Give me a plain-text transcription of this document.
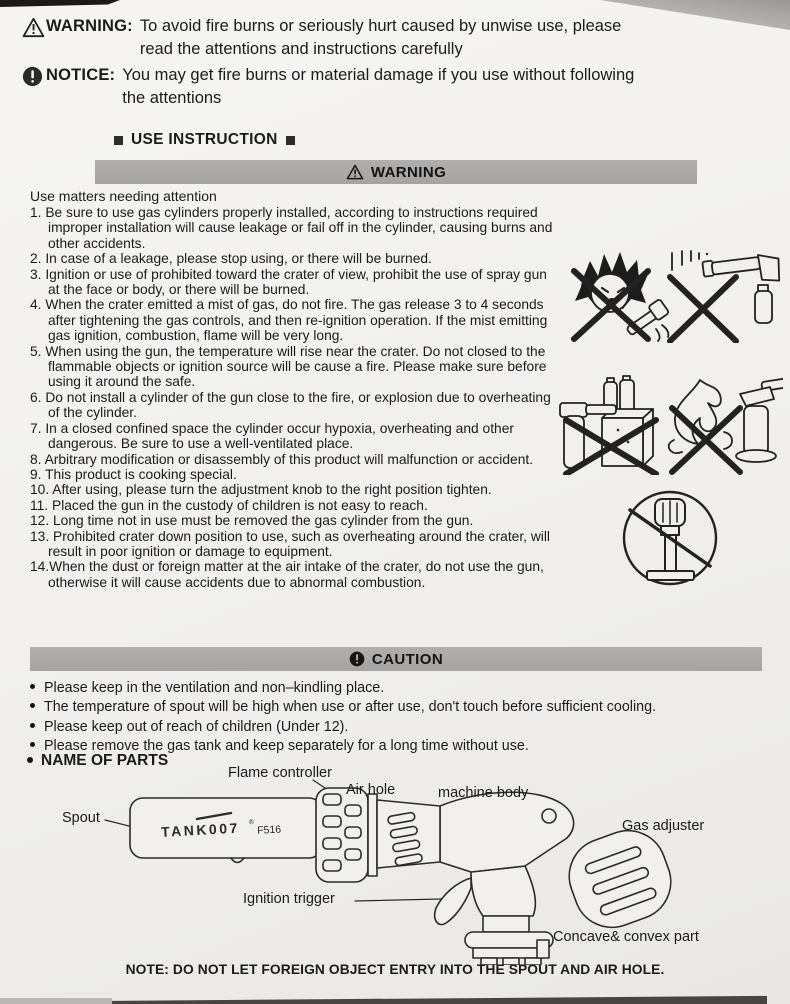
WARNING: To avoid fire burns or seriously hurt caused by unwise use, please
read the attentions and instructions carefully
NOTICE: You may get fire burns or material damage if you use without following
the attentions
USE INSTRUCTION
WARNING
Use matters needing attention
1. Be sure to use gas cylinders properly installed, according to instructions required improper installation will cause leakage or fail off in the cylinder, causing burns and other accidents.
2. In case of a leakage, please stop using, or there will be burned.
3. Ignition or use of prohibited toward the crater of view, prohibit the use of spray gun at the face or body, or there will be burned.
4. When the crater emitted a mist of gas, do not fire. The gas release 3 to 4 seconds after tightening the gas controls, and then re-ignition operation. If the mist emitting gas ignition, combustion, flame will be very long.
5. When using the gun, the temperature will rise near the crater. Do not closed to the flammable objects or ignition source will be cause a fire. Please make sure before using it around the safe.
6. Do not install a cylinder of the gun close to the fire, or explosion due to overheating of the cylinder.
7. In a closed confined space the cylinder occur hypoxia, overheating and other dangerous. Be sure to use a well-ventilated place.
8. Arbitrary modification or disassembly of this product will malfunction or accident.
9. This product is cooking special.
10. After using, please turn the adjustment knob to the right position tighten.
11. Placed the gun in the custody of children is not easy to reach.
12. Long time not in use must be removed the gas cylinder from the gun.
13. Prohibited crater down position to use, such as overheating around the crater, will result in poor ignition or damage to equipment.
14.When the dust or foreign matter at the air intake of the crater, do not use the gun, otherwise it will cause accidents due to abnormal combustion.
CAUTION
Please keep in the ventilation and non–kindling place.
The temperature of spout will be high when use or after use, don't touch before sufficient cooling.
Please keep out of reach of children (Under 12).
Please remove the gas tank and keep separately for a long time without use.
NAME OF PARTS
TANK007 ®
F516
Flame controller
Air hole	machine body
Spout	Gas adjuster
Ignition trigger
Concave& convex part
NOTE: DO NOT LET FOREIGN OBJECT ENTRY INTO THE SPOUT AND AIR HOLE.
